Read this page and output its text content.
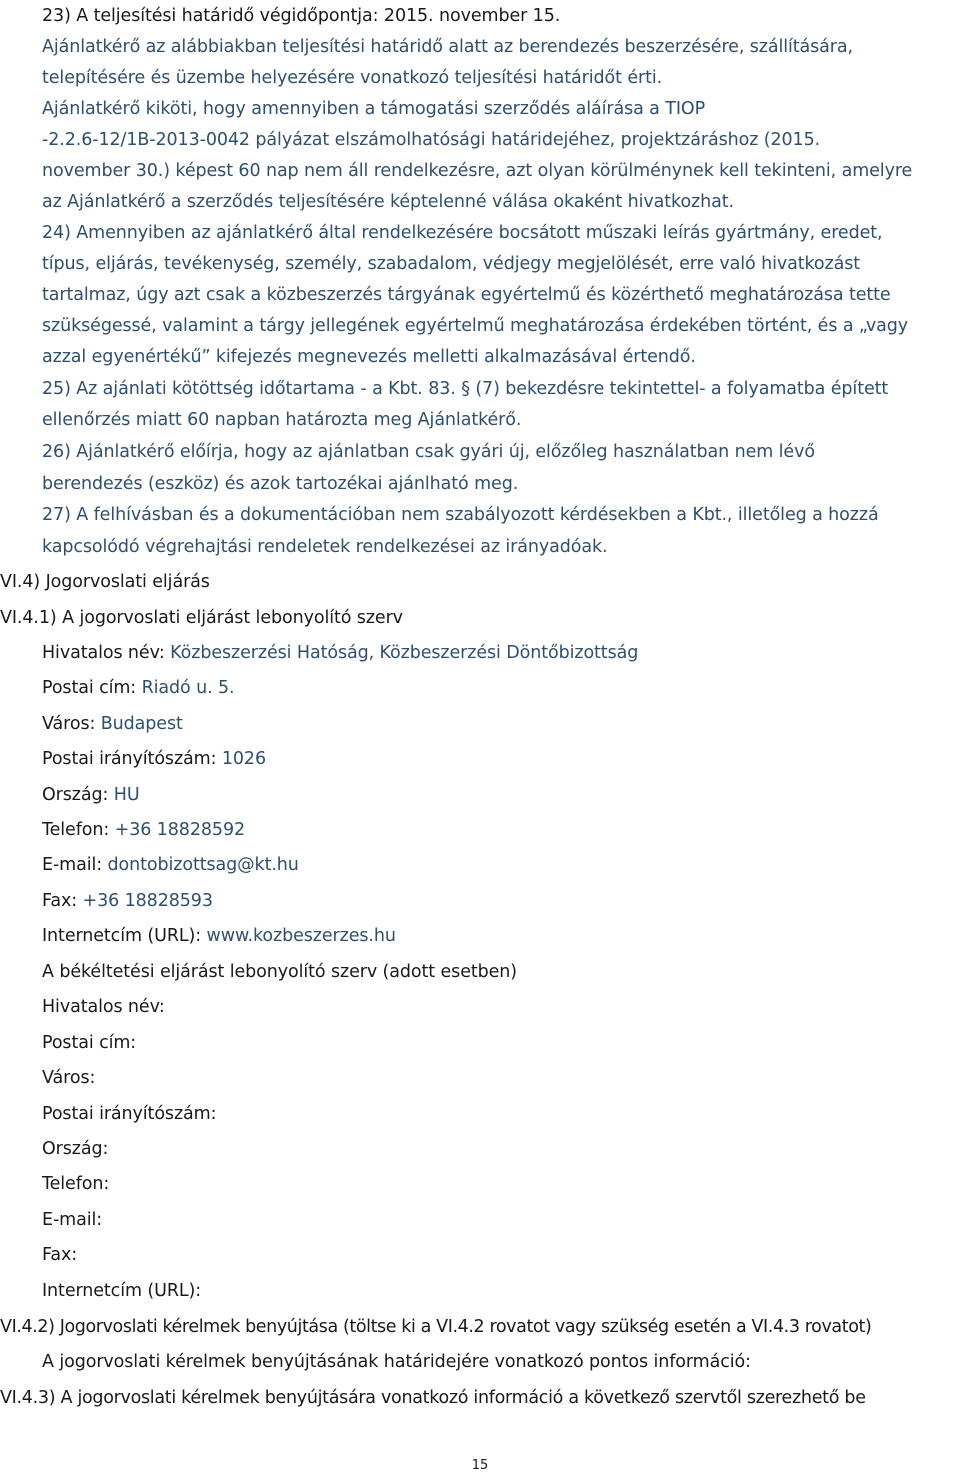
23) A teljesítési határidő végidőpontja: 2015. november 15.
Ajánlatkérő az alábbiakban teljesítési határidő alatt az berendezés beszerzésére, szállítására,
telepítésére és üzembe helyezésére vonatkozó teljesítési határidőt érti.
Ajánlatkérő kiköti, hogy amennyiben a támogatási szerződés aláírása a TIOP
-2.2.6-12/1B-2013-0042 pályázat elszámolhatósági határidejéhez, projektzáráshoz (2015.
november 30.) képest 60 nap nem áll rendelkezésre, azt olyan körülménynek kell tekinteni, amelyre
az Ajánlatkérő a szerződés teljesítésére képtelenné válása okaként hivatkozhat.
24) Amennyiben az ajánlatkérő által rendelkezésére bocsátott műszaki leírás gyártmány, eredet,
típus, eljárás, tevékenység, személy, szabadalom, védjegy megjelölését, erre való hivatkozást
tartalmaz, úgy azt csak a közbeszerzés tárgyának egyértelmű és közérthető meghatározása tette
szükségessé, valamint a tárgy jellegének egyértelmű meghatározása érdekében történt, és a „vagy
azzal egyenértékű” kifejezés megnevezés melletti alkalmazásával értendő.
25) Az ajánlati kötöttség időtartama - a Kbt. 83. § (7) bekezdésre tekintettel- a folyamatba épített
ellenőrzés miatt 60 napban határozta meg Ajánlatkérő.
26) Ajánlatkérő előírja, hogy az ajánlatban csak gyári új, előzőleg használatban nem lévő
berendezés (eszköz) és azok tartozékai ajánlható meg.
27) A felhívásban és a dokumentációban nem szabályozott kérdésekben a Kbt., illetőleg a hozzá
kapcsolódó végrehajtási rendeletek rendelkezései az irányadóak.
VI.4) Jogorvoslati eljárás
VI.4.1) A jogorvoslati eljárást lebonyolító szerv
Hivatalos név: Közbeszerzési Hatóság, Közbeszerzési Döntőbizottság
Postai cím: Riadó u. 5.
Város: Budapest
Postai irányítószám: 1026
Ország: HU
Telefon: +36 18828592
E-mail: dontobizottsag@kt.hu
Fax: +36 18828593
Internetcím (URL): www.kozbeszerzes.hu
A békéltetési eljárást lebonyolító szerv (adott esetben)
Hivatalos név:
Postai cím:
Város:
Postai irányítószám:
Ország:
Telefon:
E-mail:
Fax:
Internetcím (URL):
VI.4.2) Jogorvoslati kérelmek benyújtása (töltse ki a VI.4.2 rovatot vagy szükség esetén a VI.4.3 rovatot)
A jogorvoslati kérelmek benyújtásának határidejére vonatkozó pontos információ:
VI.4.3) A jogorvoslati kérelmek benyújtására vonatkozó információ a következő szervtől szerezhető be
15
